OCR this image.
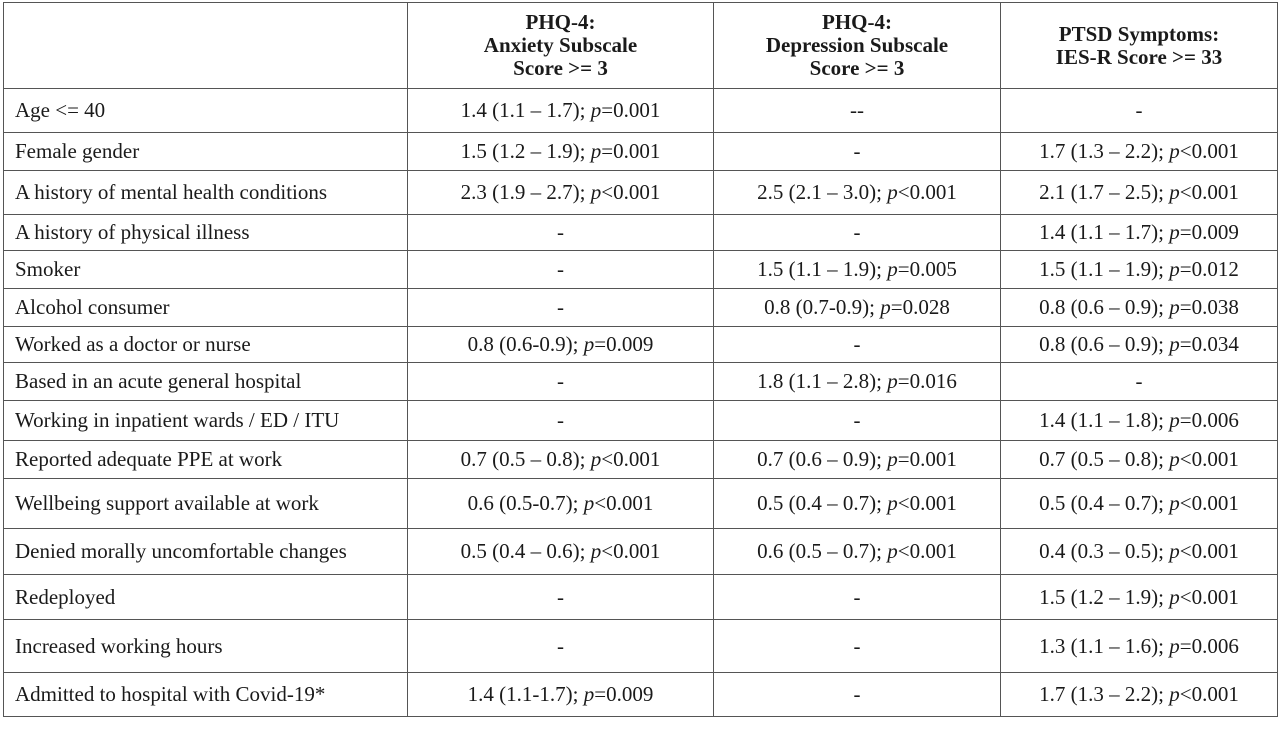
	PHQ-4:
Anxiety Subscale
Score >= 3	PHQ-4:
Depression Subscale
Score >= 3	PTSD Symptoms:
IES-R Score >= 33

Age <= 40	1.4 (1.1 – 1.7); p=0.001	--	-
Female gender	1.5 (1.2 – 1.9); p=0.001	-	1.7 (1.3 – 2.2); p<0.001
A history of mental health conditions	2.3 (1.9 – 2.7); p<0.001	2.5 (2.1 – 3.0); p<0.001	2.1 (1.7 – 2.5); p<0.001
A history of physical illness	-	-	1.4 (1.1 – 1.7); p=0.009
Smoker	-	1.5 (1.1 – 1.9); p=0.005	1.5 (1.1 – 1.9); p=0.012
Alcohol consumer	-	0.8 (0.7-0.9); p=0.028	0.8 (0.6 – 0.9); p=0.038
Worked as a doctor or nurse	0.8 (0.6-0.9); p=0.009	-	0.8 (0.6 – 0.9); p=0.034
Based in an acute general hospital	-	1.8 (1.1 – 2.8); p=0.016	-
Working in inpatient wards / ED / ITU	-	-	1.4 (1.1 – 1.8); p=0.006
Reported adequate PPE at work	0.7 (0.5 – 0.8); p<0.001	0.7 (0.6 – 0.9); p=0.001	0.7 (0.5 – 0.8); p<0.001
Wellbeing support available at work	0.6 (0.5-0.7); p<0.001	0.5 (0.4 – 0.7); p<0.001	0.5 (0.4 – 0.7); p<0.001
Denied morally uncomfortable changes	0.5 (0.4 – 0.6); p<0.001	0.6 (0.5 – 0.7); p<0.001	0.4 (0.3 – 0.5); p<0.001
Redeployed	-	-	1.5 (1.2 – 1.9); p<0.001
Increased working hours	-	-	1.3 (1.1 – 1.6); p=0.006
Admitted to hospital with Covid-19*	1.4 (1.1-1.7); p=0.009	-	1.7 (1.3 – 2.2); p<0.001
